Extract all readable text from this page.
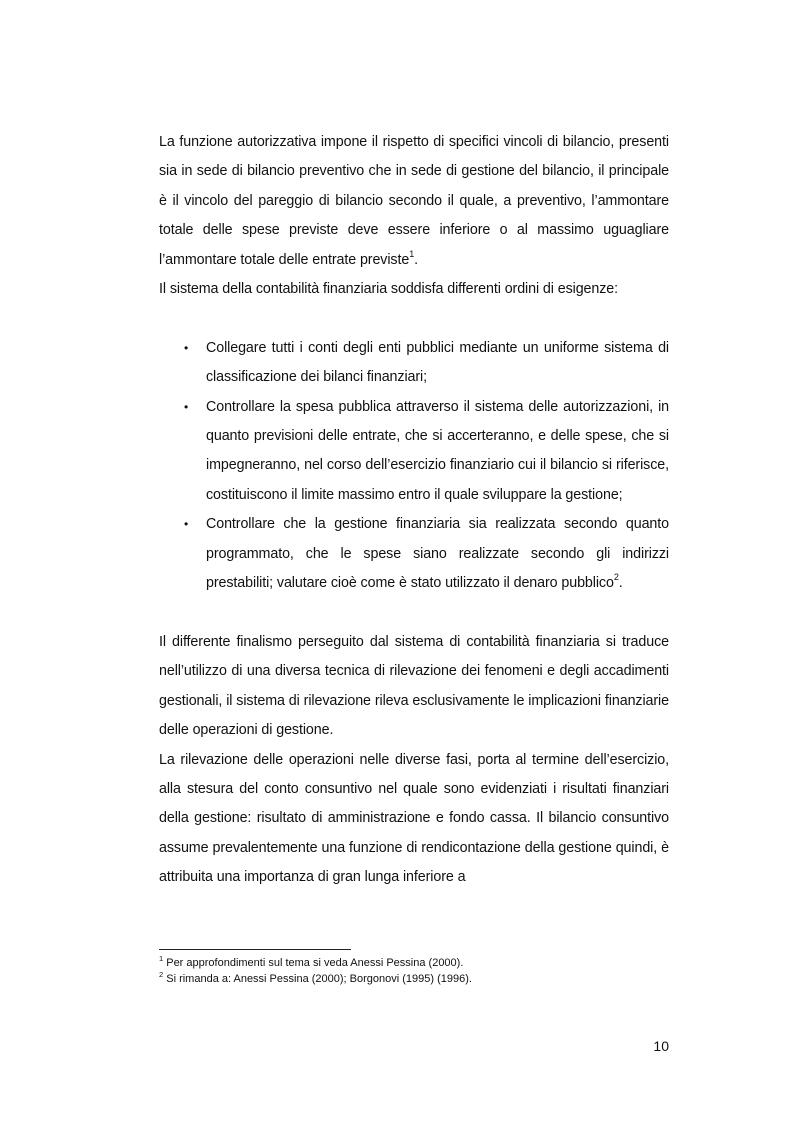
La funzione autorizzativa impone il rispetto di specifici vincoli di bilancio, presenti sia in sede di bilancio preventivo che in sede di gestione del bilancio, il principale è il vincolo del pareggio di bilancio secondo il quale, a preventivo, l’ammontare totale delle spese previste deve essere inferiore o al massimo uguagliare l’ammontare totale delle entrate previste$^1$.

Il sistema della contabilità finanziaria soddisfa differenti ordini di esigenze:

• Collegare tutti i conti degli enti pubblici mediante un uniforme sistema di classificazione dei bilanci finanziari;
• Controllare la spesa pubblica attraverso il sistema delle autorizzazioni, in quanto previsioni delle entrate, che si accerteranno, e delle spese, che si impegneranno, nel corso dell’esercizio finanziario cui il bilancio si riferisce, costituiscono il limite massimo entro il quale sviluppare la gestione;
• Controllare che la gestione finanziaria sia realizzata secondo quanto programmato, che le spese siano realizzate secondo gli indirizzi prestabiliti; valutare cioè come è stato utilizzato il denaro pubblico$^2$.

Il differente finalismo perseguito dal sistema di contabilità finanziaria si traduce nell’utilizzo di una diversa tecnica di rilevazione dei fenomeni e degli accadimenti gestionali, il sistema di rilevazione rileva esclusivamente le implicazioni finanziarie delle operazioni di gestione.

La rilevazione delle operazioni nelle diverse fasi, porta al termine dell’esercizio, alla stesura del conto consuntivo nel quale sono evidenziati i risultati finanziari della gestione: risultato di amministrazione e fondo cassa. Il bilancio consuntivo assume prevalentemente una funzione di rendicontazione della gestione quindi, è attribuita una importanza di gran lunga inferiore a

$^1$ Per approfondimenti sul tema si veda Anessi Pessina (2000).
$^2$ Si rimanda a: Anessi Pessina (2000); Borgonovi (1995) (1996).
10
